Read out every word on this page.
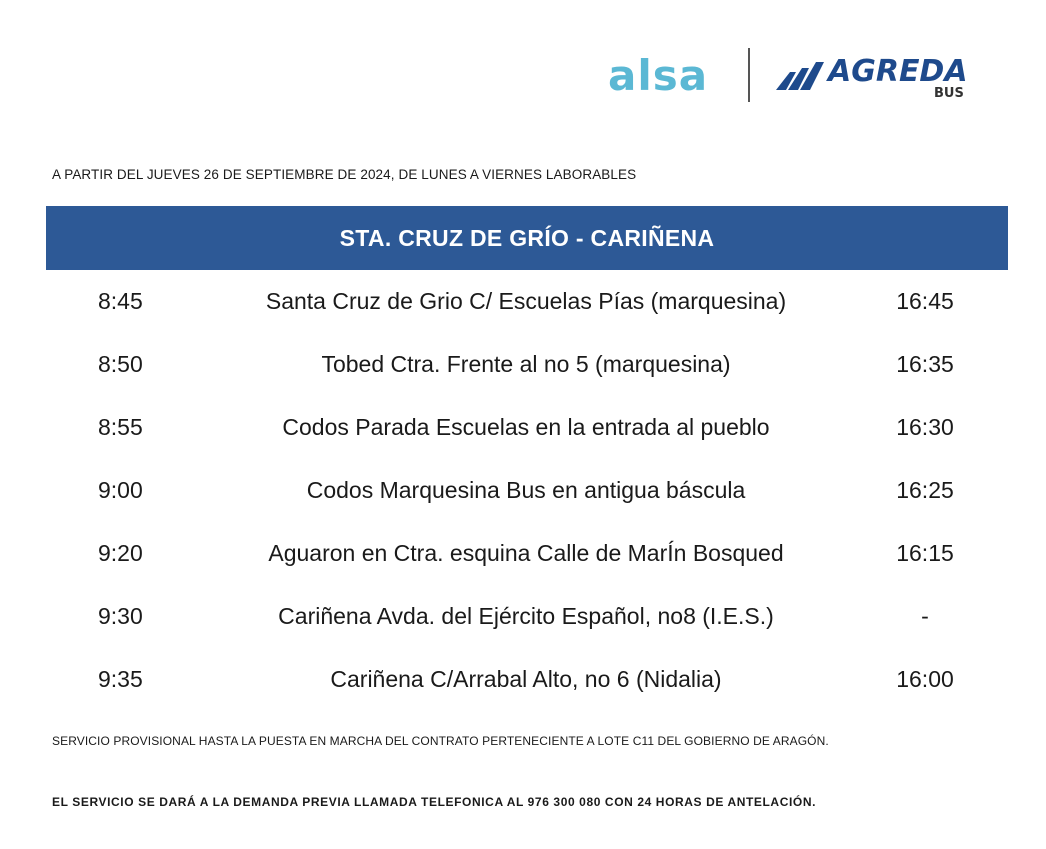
alsa	AGREDA
BUS
A PARTIR DEL JUEVES 26 DE SEPTIEMBRE DE 2024, DE LUNES A VIERNES LABORABLES
STA. CRUZ DE GRÍO - CARIÑENA
8:45	Santa Cruz de Grio C/ Escuelas Pías (marquesina)	16:45
8:50	Tobed Ctra. Frente al no 5 (marquesina)	16:35
8:55	Codos Parada Escuelas en la entrada al pueblo	16:30
9:00	Codos Marquesina Bus en antigua báscula	16:25
9:20	Aguaron en Ctra. esquina Calle de MarÍn Bosqued	16:15
9:30	Cariñena Avda. del Ejército Español, no8 (I.E.S.)	-
9:35	Cariñena C/Arrabal Alto, no 6 (Nidalia)	16:00
SERVICIO PROVISIONAL HASTA LA PUESTA EN MARCHA DEL CONTRATO PERTENECIENTE A LOTE C11 DEL GOBIERNO DE ARAGÓN.
EL SERVICIO SE DARÁ A LA DEMANDA PREVIA LLAMADA TELEFONICA AL 976 300 080 CON 24 HORAS DE ANTELACIÓN.
